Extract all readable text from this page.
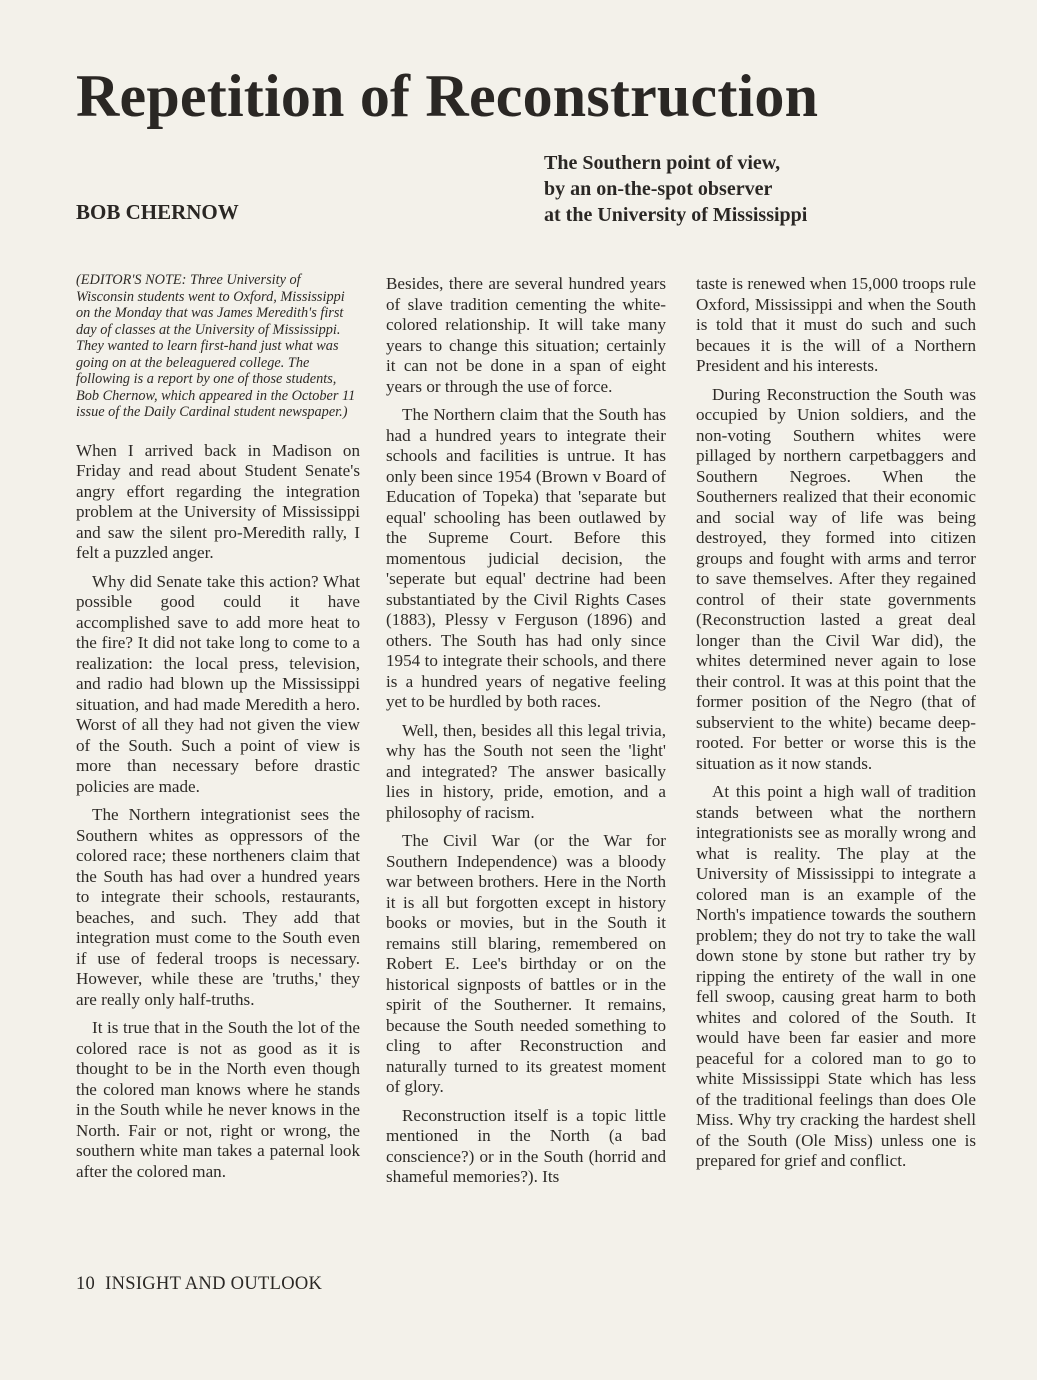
Repetition of Reconstruction
BOB CHERNOW
The Southern point of view,
by an on-the-spot observer
at the University of Mississippi

(EDITOR'S NOTE: Three University of Wisconsin students went to Oxford, Mississippi on the Monday that was James Meredith's first day of classes at the University of Mississippi. They wanted to learn first-hand just what was going on at the beleaguered college. The following is a report by one of those students, Bob Chernow, which appeared in the October 11 issue of the Daily Cardinal student newspaper.)

When I arrived back in Madison on Friday and read about Student Senate's angry effort regarding the integration problem at the University of Mississippi and saw the silent pro-Meredith rally, I felt a puzzled anger.

Why did Senate take this action? What possible good could it have accomplished save to add more heat to the fire? It did not take long to come to a realization: the local press, television, and radio had blown up the Mississippi situation, and had made Meredith a hero. Worst of all they had not given the view of the South. Such a point of view is more than necessary before drastic policies are made.

The Northern integrationist sees the Southern whites as oppressors of the colored race; these northeners claim that the South has had over a hundred years to integrate their schools, restaurants, beaches, and such. They add that integration must come to the South even if use of federal troops is necessary. However, while these are 'truths,' they are really only half-truths.

It is true that in the South the lot of the colored race is not as good as it is thought to be in the North even though the colored man knows where he stands in the South while he never knows in the North. Fair or not, right or wrong, the southern white man takes a paternal look after the colored man.

Besides, there are several hundred years of slave tradition cementing the white-colored relationship. It will take many years to change this situation; certainly it can not be done in a span of eight years or through the use of force.

The Northern claim that the South has had a hundred years to integrate their schools and facilities is untrue. It has only been since 1954 (Brown v Board of Education of Topeka) that 'separate but equal' schooling has been outlawed by the Supreme Court. Before this momentous judicial decision, the 'seperate but equal' dectrine had been substantiated by the Civil Rights Cases (1883), Plessy v Ferguson (1896) and others. The South has had only since 1954 to integrate their schools, and there is a hundred years of negative feeling yet to be hurdled by both races.

Well, then, besides all this legal trivia, why has the South not seen the 'light' and integrated? The answer basically lies in history, pride, emotion, and a philosophy of racism.

The Civil War (or the War for Southern Independence) was a bloody war between brothers. Here in the North it is all but forgotten except in history books or movies, but in the South it remains still blaring, remembered on Robert E. Lee's birthday or on the historical signposts of battles or in the spirit of the Southerner. It remains, because the South needed something to cling to after Reconstruction and naturally turned to its greatest moment of glory.

Reconstruction itself is a topic little mentioned in the North (a bad conscience?) or in the South (horrid and shameful memories?). Its

taste is renewed when 15,000 troops rule Oxford, Mississippi and when the South is told that it must do such and such becaues it is the will of a Northern President and his interests.

During Reconstruction the South was occupied by Union soldiers, and the non-voting Southern whites were pillaged by northern carpetbaggers and Southern Negroes. When the Southerners realized that their economic and social way of life was being destroyed, they formed into citizen groups and fought with arms and terror to save themselves. After they regained control of their state governments (Reconstruction lasted a great deal longer than the Civil War did), the whites determined never again to lose their control. It was at this point that the former position of the Negro (that of subservient to the white) became deep-rooted. For better or worse this is the situation as it now stands.

At this point a high wall of tradition stands between what the northern integrationists see as morally wrong and what is reality. The play at the University of Mississippi to integrate a colored man is an example of the North's impatience towards the southern problem; they do not try to take the wall down stone by stone but rather try by ripping the entirety of the wall in one fell swoop, causing great harm to both whites and colored of the South. It would have been far easier and more peaceful for a colored man to go to white Mississippi State which has less of the traditional feelings than does Ole Miss. Why try cracking the hardest shell of the South (Ole Miss) unless one is prepared for grief and conflict.

10 INSIGHT AND OUTLOOK
